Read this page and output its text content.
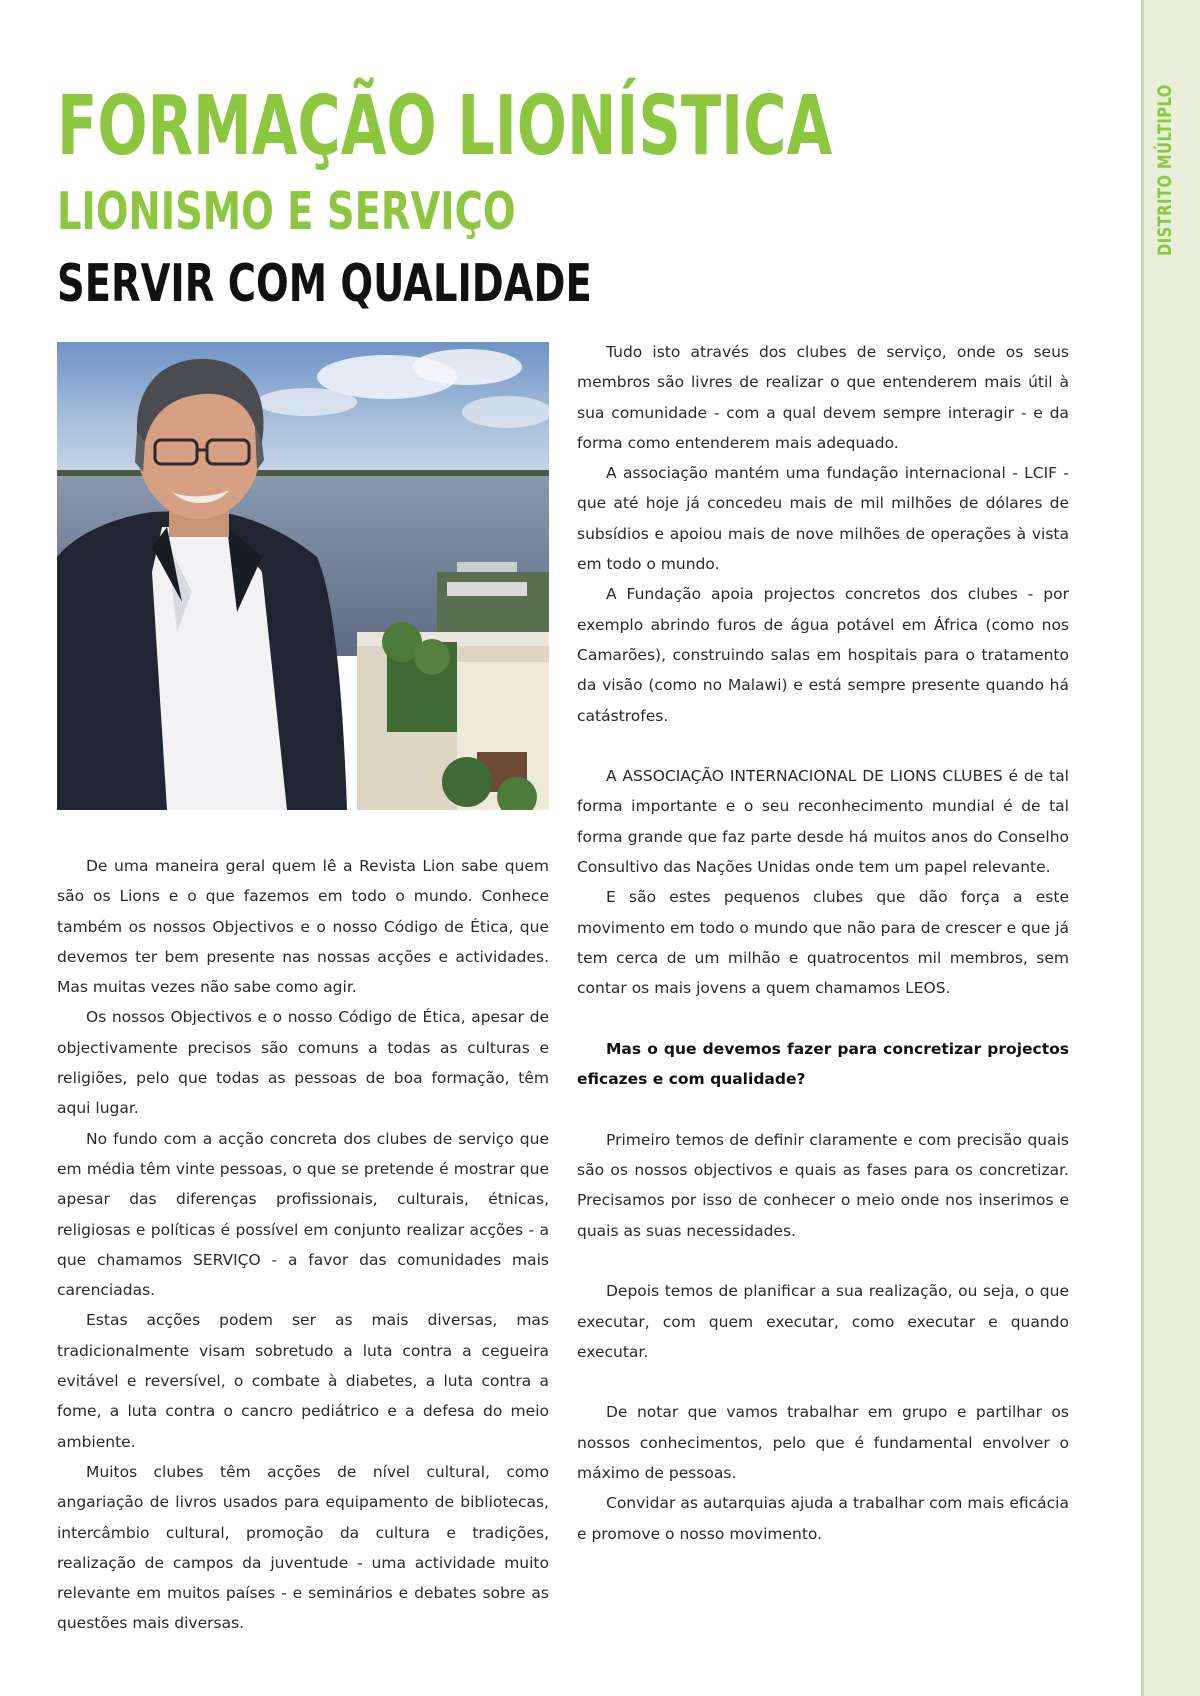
DISTRITO MÚLTIPLO
FORMAÇÃO LIONÍSTICA
LIONISMO E SERVIÇO
SERVIR COM QUALIDADE

De uma maneira geral quem lê a Revista Lion sabe quem são os Lions e o que fazemos em todo o mundo. Conhece também os nossos Objectivos e o nosso Código de Ética, que devemos ter bem presente nas nossas acções e actividades. Mas muitas vezes não sabe como agir.

Os nossos Objectivos e o nosso Código de Ética, apesar de objectivamente precisos são comuns a todas as culturas e religiões, pelo que todas as pessoas de boa formação, têm aqui lugar.

No fundo com a acção concreta dos clubes de serviço que em média têm vinte pessoas, o que se pretende é mostrar que apesar das diferenças profissionais, culturais, étnicas, religiosas e políticas é possível em conjunto realizar acções - a que chamamos SERVIÇO - a favor das comunidades mais carenciadas.

Estas acções podem ser as mais diversas, mas tradicionalmente visam sobretudo a luta contra a cegueira evitável e reversível, o combate à diabetes, a luta contra a fome, a luta contra o cancro pediátrico e a defesa do meio ambiente.

Muitos clubes têm acções de nível cultural, como angariação de livros usados para equipamento de bibliotecas, intercâmbio cultural, promoção da cultura e tradições, realização de campos da juventude - uma actividade muito relevante em muitos países - e seminários e debates sobre as questões mais diversas.

Tudo isto através dos clubes de serviço, onde os seus membros são livres de realizar o que entenderem mais útil à sua comunidade - com a qual devem sempre interagir - e da forma como entenderem mais adequado.

A associação mantém uma fundação internacional - LCIF - que até hoje já concedeu mais de mil milhões de dólares de subsídios e apoiou mais de nove milhões de operações à vista em todo o mundo.

A Fundação apoia projectos concretos dos clubes - por exemplo abrindo furos de água potável em África (como nos Camarões), construindo salas em hospitais para o tratamento da visão (como no Malawi) e está sempre presente quando há catástrofes.

A ASSOCIAÇÃO INTERNACIONAL DE LIONS CLUBES é de tal forma importante e o seu reconhecimento mundial é de tal forma grande que faz parte desde há muitos anos do Conselho Consultivo das Nações Unidas onde tem um papel relevante.

E são estes pequenos clubes que dão força a este movimento em todo o mundo que não para de crescer e que já tem cerca de um milhão e quatrocentos mil membros, sem contar os mais jovens a quem chamamos LEOS.

Mas o que devemos fazer para concretizar projectos eficazes e com qualidade?

Primeiro temos de definir claramente e com precisão quais são os nossos objectivos e quais as fases para os concretizar. Precisamos por isso de conhecer o meio onde nos inserimos e quais as suas necessidades.

Depois temos de planificar a sua realização, ou seja, o que executar, com quem executar, como executar e quando executar.

De notar que vamos trabalhar em grupo e partilhar os nossos conhecimentos, pelo que é fundamental envolver o máximo de pessoas.

Convidar as autarquias ajuda a trabalhar com mais eficácia e promove o nosso movimento.
